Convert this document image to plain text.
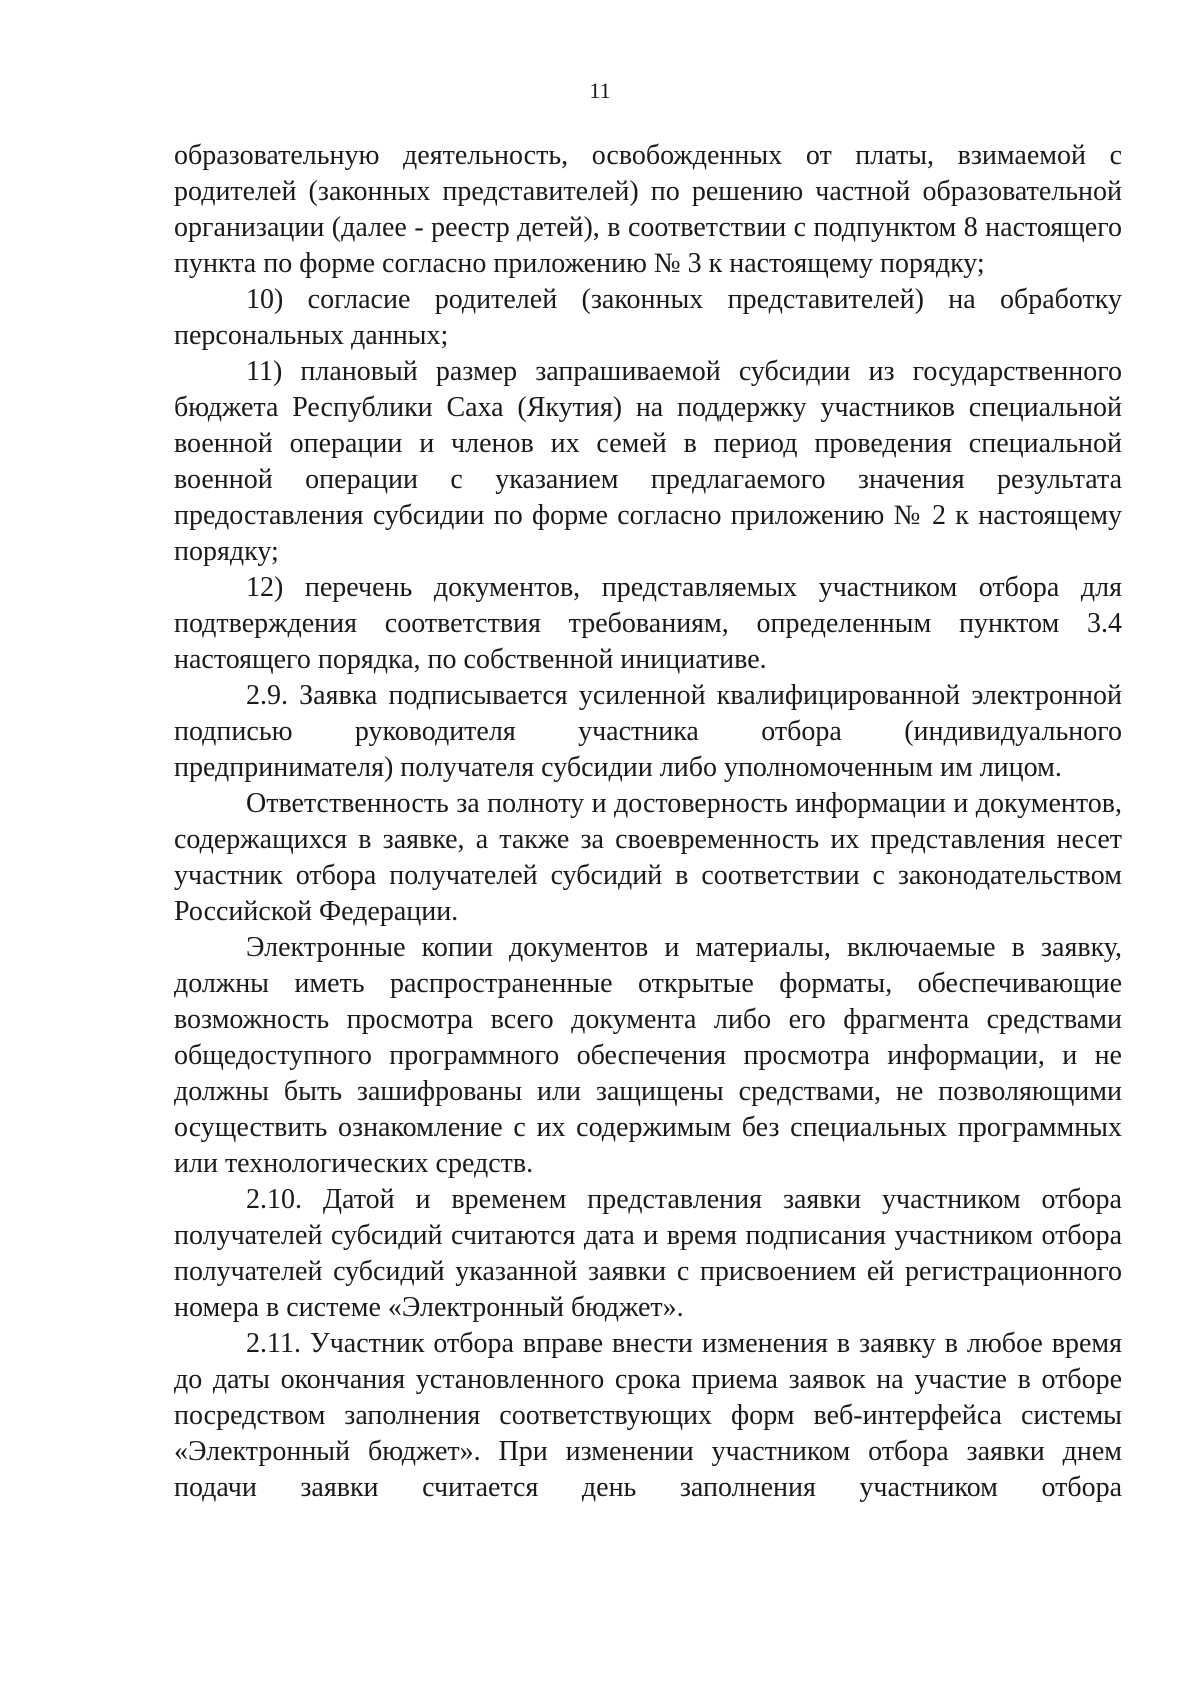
11

образовательную деятельность, освобожденных от платы, взимаемой с родителей (законных представителей) по решению частной образовательной организации (далее - реестр детей), в соответствии с подпунктом 8 настоящего пункта по форме согласно приложению № 3 к настоящему порядку;

10) согласие родителей (законных представителей) на обработку персональных данных;

11) плановый размер запрашиваемой субсидии из государственного бюджета Республики Саха (Якутия) на поддержку участников специальной военной операции и членов их семей в период проведения специальной военной операции с указанием предлагаемого значения результата предоставления субсидии по форме согласно приложению № 2 к настоящему порядку;

12) перечень документов, представляемых участником отбора для подтверждения соответствия требованиям, определенным пунктом 3.4 настоящего порядка, по собственной инициативе.

2.9. Заявка подписывается усиленной квалифицированной электронной подписью руководителя участника отбора (индивидуального предпринимателя) получателя субсидии либо уполномоченным им лицом.

Ответственность за полноту и достоверность информации и документов, содержащихся в заявке, а также за своевременность их представления несет участник отбора получателей субсидий в соответствии с законодательством Российской Федерации.

Электронные копии документов и материалы, включаемые в заявку, должны иметь распространенные открытые форматы, обеспечивающие возможность просмотра всего документа либо его фрагмента средствами общедоступного программного обеспечения просмотра информации, и не должны быть зашифрованы или защищены средствами, не позволяющими осуществить ознакомление с их содержимым без специальных программных или технологических средств.

2.10. Датой и временем представления заявки участником отбора получателей субсидий считаются дата и время подписания участником отбора получателей субсидий указанной заявки с присвоением ей регистрационного номера в системе «Электронный бюджет».

2.11. Участник отбора вправе внести изменения в заявку в любое время до даты окончания установленного срока приема заявок на участие в отборе посредством заполнения соответствующих форм веб-интерфейса системы «Электронный бюджет». При изменении участником отбора заявки днем подачи заявки считается день заполнения участником отбора
